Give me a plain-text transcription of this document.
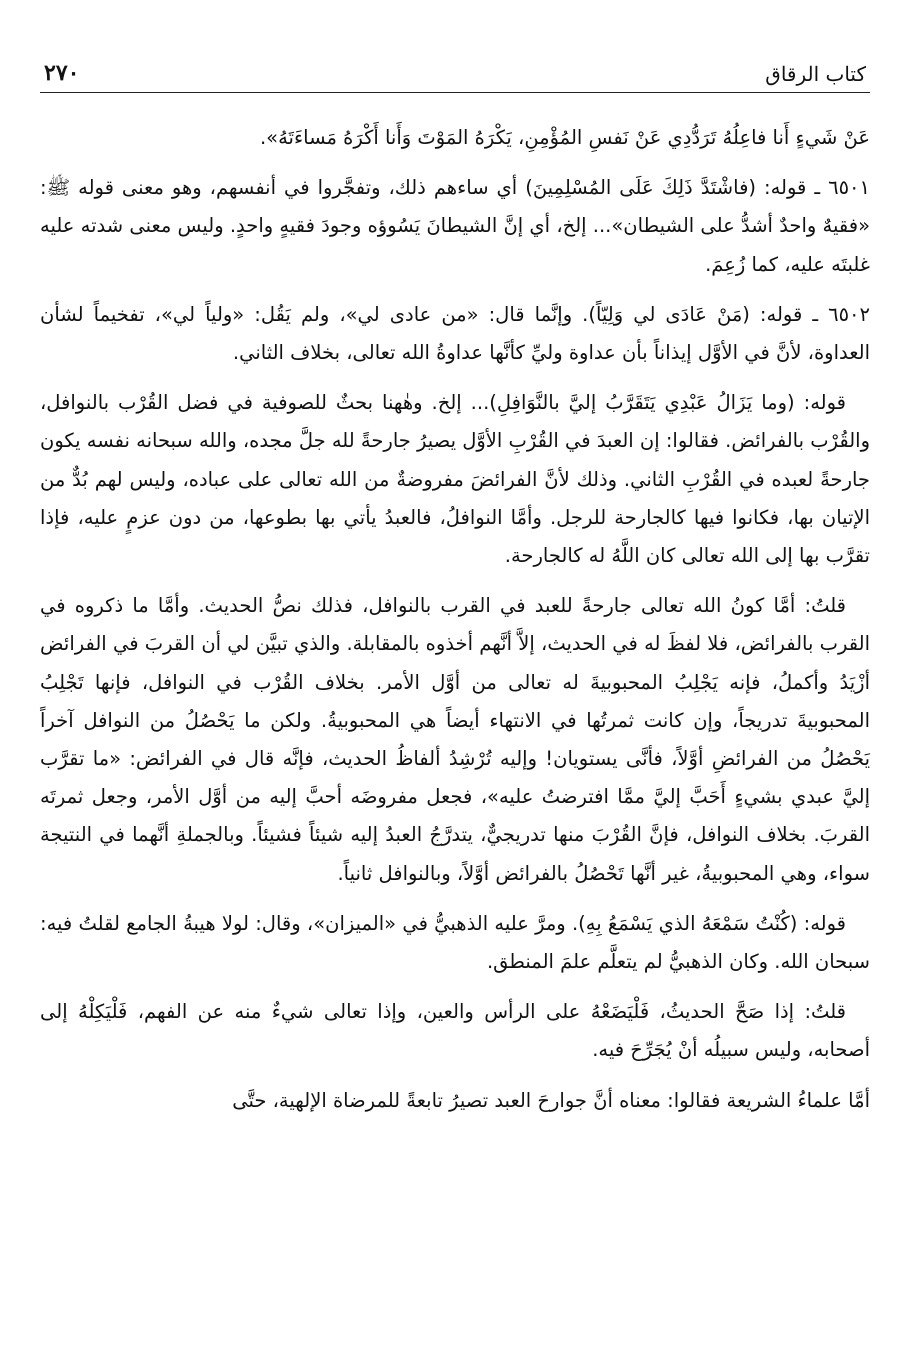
كتاب الرقاق
٢٧٠

عَنْ شَيءٍ أَنا فاعِلُهُ تَرَدُّدِي عَنْ نَفسِ المُؤْمِنِ، يَكْرَهُ المَوْتَ وَأَنا أَكْرَهُ مَساءَتَهُ».

٦٥٠١ ـ قوله: (فاشْتَدَّ ذَلِكَ عَلَى المُسْلِمِينَ) أي ساءهم ذلك، وتفجَّروا في أنفسهم، وهو معنى قوله ﷺ: «فقيهٌ واحدٌ أشدُّ على الشيطان»... إلخ، أي إنَّ الشيطانَ يَسُوؤه وجودَ فقيهٍ واحدٍ. وليس معنى شدته عليه غلبتَه عليه، كما زُعِمَ.

٦٥٠٢ ـ قوله: (مَنْ عَادَى لي وَلِيّاً). وإنَّما قال: «من عادى لي»، ولم يَقُل: «ولياً لي»، تفخيماً لشأن العداوة، لأنَّ في الأوَّل إيذاناً بأن عداوة وليِّ كأنَّها عداوةُ الله تعالى، بخلاف الثاني.

قوله: (وما يَزَالُ عَبْدِي يَتَقَرَّبُ إليَّ بالنَّوَافِلِ)... إلخ. وهٰهنا بحثٌ للصوفية في فضل القُرْب بالنوافل، والقُرْب بالفرائض. فقالوا: إن العبدَ في القُرْبِ الأوَّل يصيرُ جارحةً لله جلَّ مجده، والله سبحانه نفسه يكون جارحةً لعبده في القُرْبِ الثاني. وذلك لأنَّ الفرائضَ مفروضةٌ من الله تعالى على عباده، وليس لهم بُدٌّ من الإتيان بها، فكانوا فيها كالجارحة للرجل. وأمَّا النوافلُ، فالعبدُ يأتي بها بطوعها، من دون عزمٍ عليه، فإذا تقرَّب بها إلى الله تعالى كان اللَّهُ له كالجارحة.

قلتُ: أمَّا كونُ الله تعالى جارحةً للعبد في القرب بالنوافل، فذلك نصُّ الحديث. وأمَّا ما ذكروه في القرب بالفرائض، فلا لفظَ له في الحديث، إلاَّ أنَّهم أخذوه بالمقابلة. والذي تبيَّن لي أن القربَ في الفرائض أزْيَدُ وأكملُ، فإنه يَجْلِبُ المحبوبيةَ له تعالى من أوَّل الأمر. بخلاف القُرْب في النوافل، فإنها تَجْلِبُ المحبوبيةَ تدريجاً، وإن كانت ثمرتُها في الانتهاء أيضاً هي المحبوبيةُ. ولكن ما يَحْصُلُ من النوافل آخراً يَحْصُلُ من الفرائضِ أوَّلاً، فأنَّى يستويان! وإليه تُرْشِدُ ألفاظُ الحديث، فإنَّه قال في الفرائض: «ما تقرَّب إليَّ عبدي بشيءٍ أَحَبَّ إليَّ ممَّا افترضتُ عليه»، فجعل مفروضَه أحبَّ إليه من أوَّل الأمر، وجعل ثمرتَه القربَ. بخلاف النوافل، فإنَّ القُرْبَ منها تدريجيٌّ، يتدرَّجُ العبدُ إليه شيئاً فشيئاً. وبالجملةِ أنَّهما في النتيجة سواء، وهي المحبوبيةُ، غير أنَّها تَحْصُلُ بالفرائض أوَّلاً، وبالنوافل ثانياً.

قوله: (كُنْتُ سَمْعَهُ الذي يَسْمَعُ بِهِ). ومرَّ عليه الذهبيُّ في «الميزان»، وقال: لولا هيبةُ الجامع لقلتُ فيه: سبحان الله. وكان الذهبيُّ لم يتعلَّم علمَ المنطق.

قلتُ: إذا صَحَّ الحديثُ، فَلْيَضَعْهُ على الرأس والعين، وإذا تعالى شيءٌ منه عن الفهم، فَلْيَكِلْهُ إلى أصحابه، وليس سبيلُه أنْ يُجَرِّحَ فيه.

أمَّا علماءُ الشريعة فقالوا: معناه أنَّ جوارحَ العبد تصيرُ تابعةً للمرضاة الإلهية، حتَّى
